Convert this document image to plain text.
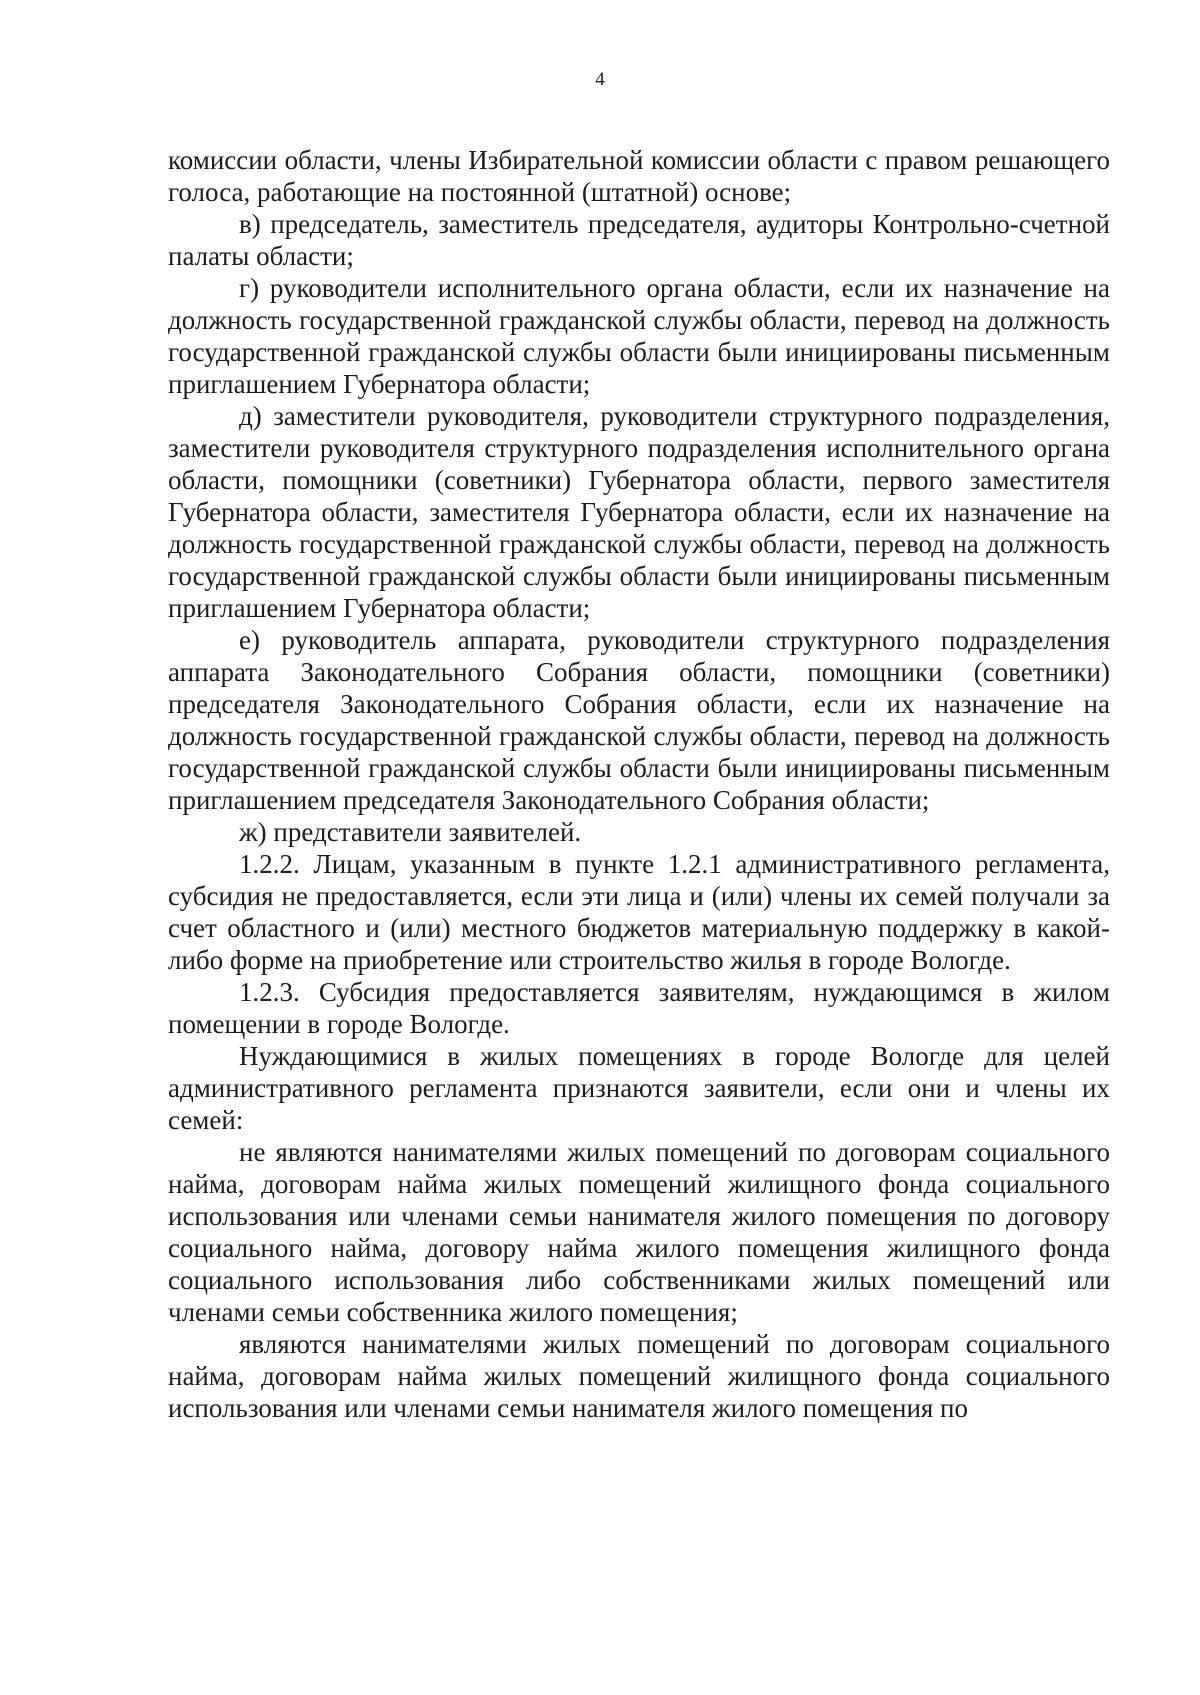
4

комиссии области, члены Избирательной комиссии области с правом решающего голоса, работающие на постоянной (штатной) основе;

в) председатель, заместитель председателя, аудиторы Контрольно-счетной палаты области;

г) руководители исполнительного органа области, если их назначение на должность государственной гражданской службы области, перевод на должность государственной гражданской службы области были инициированы письменным приглашением Губернатора области;

д) заместители руководителя, руководители структурного подразделения, заместители руководителя структурного подразделения исполнительного органа области, помощники (советники) Губернатора области, первого заместителя Губернатора области, заместителя Губернатора области, если их назначение на должность государственной гражданской службы области, перевод на должность государственной гражданской службы области были инициированы письменным приглашением Губернатора области;

е) руководитель аппарата, руководители структурного подразделения аппарата Законодательного Собрания области, помощники (советники) председателя Законодательного Собрания области, если их назначение на должность государственной гражданской службы области, перевод на должность государственной гражданской службы области были инициированы письменным приглашением председателя Законодательного Собрания области;

ж) представители заявителей.

1.2.2. Лицам, указанным в пункте 1.2.1 административного регламента, субсидия не предоставляется, если эти лица и (или) члены их семей получали за счет областного и (или) местного бюджетов материальную поддержку в какой-либо форме на приобретение или строительство жилья в городе Вологде.

1.2.3. Субсидия предоставляется заявителям, нуждающимся в жилом помещении в городе Вологде.

Нуждающимися в жилых помещениях в городе Вологде для целей административного регламента признаются заявители, если они и члены их семей:

не являются нанимателями жилых помещений по договорам социального найма, договорам найма жилых помещений жилищного фонда социального использования или членами семьи нанимателя жилого помещения по договору социального найма, договору найма жилого помещения жилищного фонда социального использования либо собственниками жилых помещений или членами семьи собственника жилого помещения;

являются нанимателями жилых помещений по договорам социального найма, договорам найма жилых помещений жилищного фонда социального использования или членами семьи нанимателя жилого помещения по
